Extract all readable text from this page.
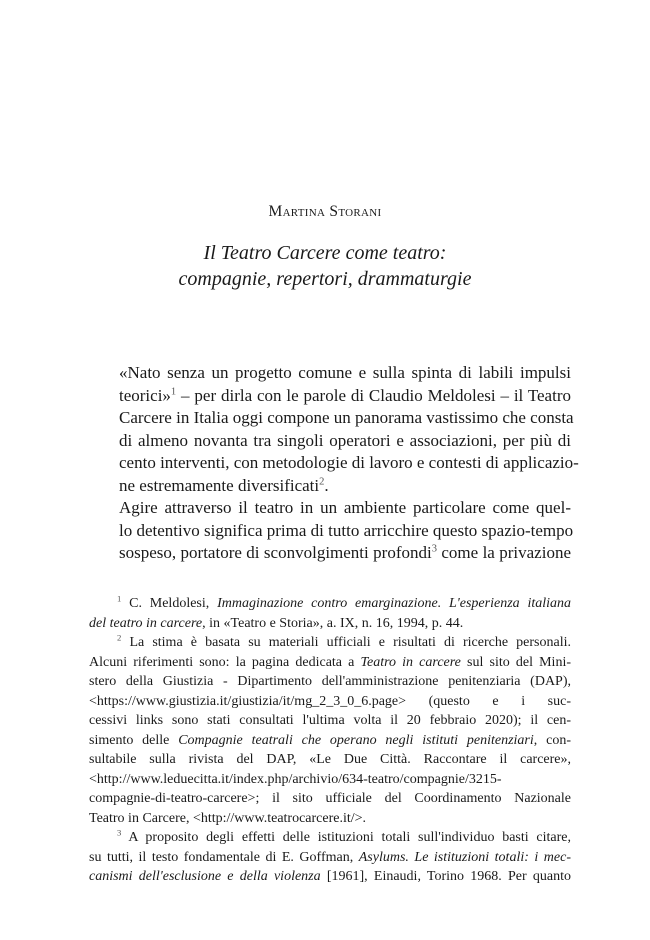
Martina Storani
Il Teatro Carcere come teatro:
compagnie, repertori, drammaturgie

«Nato senza un progetto comune e sulla spinta di labili impulsi
teorici»$^1$ – per dirla con le parole di Claudio Meldolesi – il Teatro
Carcere in Italia oggi compone un panorama vastissimo che consta
di almeno novanta tra singoli operatori e associazioni, per più di
cento interventi, con metodologie di lavoro e contesti di applicazio-
ne estremamente diversificati$^2$.

Agire attraverso il teatro in un ambiente particolare come quel-
lo detentivo significa prima di tutto arricchire questo spazio-tempo
sospeso, portatore di sconvolgimenti profondi$^3$ come la privazione

$^1$ C. Meldolesi, Immaginazione contro emarginazione. L'esperienza italiana
del teatro in carcere, in «Teatro e Storia», a. IX, n. 16, 1994, p. 44.
$^2$ La stima è basata su materiali ufficiali e risultati di ricerche personali.
Alcuni riferimenti sono: la pagina dedicata a Teatro in carcere sul sito del Mini-
stero della Giustizia - Dipartimento dell'amministrazione penitenziaria (DAP),
<https://www.giustizia.it/giustizia/it/mg_2_3_0_6.page> (questo e i suc-
cessivi links sono stati consultati l'ultima volta il 20 febbraio 2020); il cen-
simento delle Compagnie teatrali che operano negli istituti penitenziari, con-
sultabile sulla rivista del DAP, «Le Due Città. Raccontare il carcere»,
<http://www.leduecitta.it/index.php/archivio/634-teatro/compagnie/3215-
compagnie-di-teatro-carcere>; il sito ufficiale del Coordinamento Nazionale
Teatro in Carcere, <http://www.teatrocarcere.it/>.
$^3$ A proposito degli effetti delle istituzioni totali sull'individuo basti citare,
su tutti, il testo fondamentale di E. Goffman, Asylums. Le istituzioni totali: i mec-
canismi dell'esclusione e della violenza [1961], Einaudi, Torino 1968. Per quanto
